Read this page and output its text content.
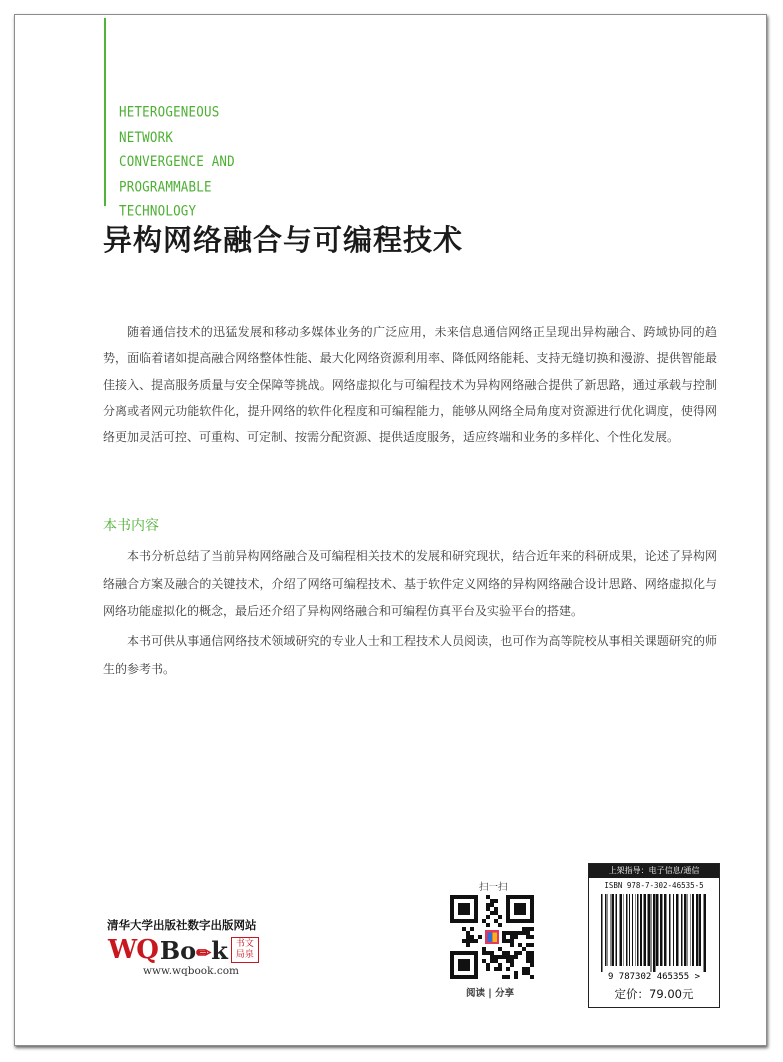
HETEROGENEOUS
NETWORK
CONVERGENCE AND
PROGRAMMABLE
TECHNOLOGY
异构网络融合与可编程技术
随着通信技术的迅猛发展和移动多媒体业务的广泛应用，未来信息通信网络正呈现出异构融合、跨域协同的趋势，面临着诸如提高融合网络整体性能、最大化网络资源利用率、降低网络能耗、支持无缝切换和漫游、提供智能最佳接入、提高服务质量与安全保障等挑战。网络虚拟化与可编程技术为异构网络融合提供了新思路，通过承载与控制分离或者网元功能软件化，提升网络的软件化程度和可编程能力，能够从网络全局角度对资源进行优化调度，使得网络更加灵活可控、可重构、可定制、按需分配资源、提供适度服务，适应终端和业务的多样化、个性化发展。
本书内容
本书分析总结了当前异构网络融合及可编程相关技术的发展和研究现状，结合近年来的科研成果，论述了异构网络融合方案及融合的关键技术，介绍了网络可编程技术、基于软件定义网络的异构网络融合设计思路、网络虚拟化与网络功能虚拟化的概念，最后还介绍了异构网络融合和可编程仿真平台及实验平台的搭建。
本书可供从事通信网络技术领域研究的专业人士和工程技术人员阅读，也可作为高等院校从事相关课题研究的师生的参考书。
清华大学出版社数字出版网站
WQ Bo✏k 书文局泉
www.wqbook.com
扫一扫
阅读 | 分享
上架指导：电子信息/通信
ISBN 978-7-302-46535-5
9 787302 465355 >
定价：79.00元
